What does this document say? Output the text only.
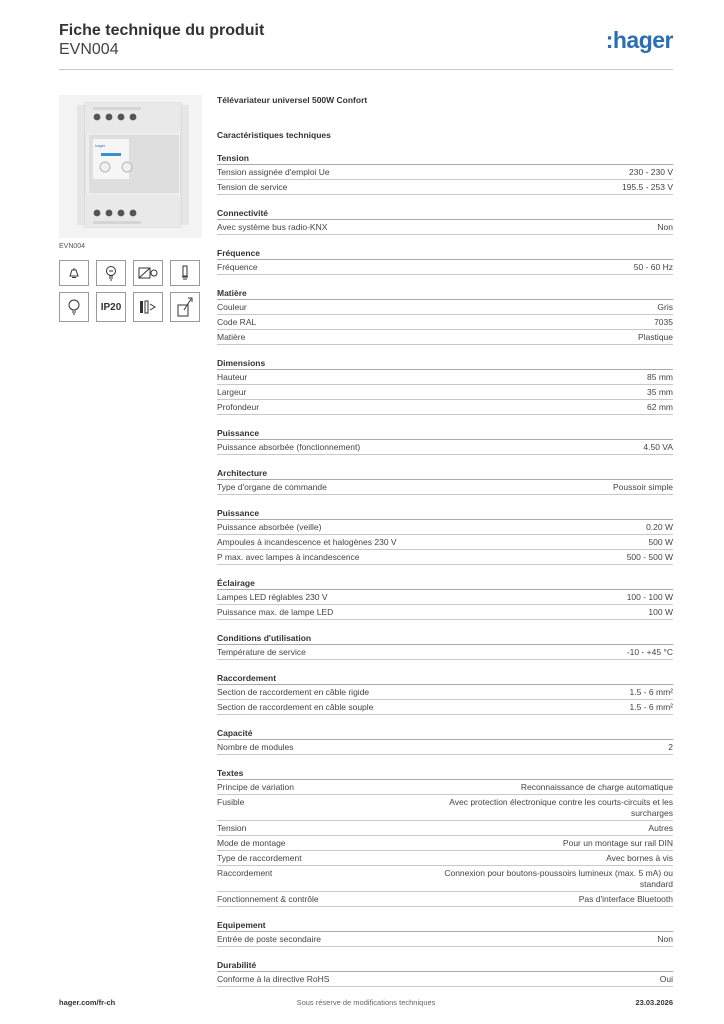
Fiche technique du produit
EVN004	:hager
hager
EVN004
IP20
Télévariateur universel 500W Confort
Caractéristiques techniques
Tension
Tension assignée d'emploi Ue	230 - 230 V
Tension de service	195.5 - 253 V
Connectivité
Avec système bus radio-KNX	Non
Fréquence
Fréquence	50 - 60 Hz
Matière
Couleur	Gris
Code RAL	7035
Matière	Plastique
Dimensions
Hauteur	85 mm
Largeur	35 mm
Profondeur	62 mm
Puissance
Puissance absorbée (fonctionnement)	4.50 VA
Architecture
Type d'organe de commande	Poussoir simple
Puissance
Puissance absorbée (veille)	0.20 W
Ampoules à incandescence et halogènes 230 V	500 W
P max. avec lampes à incandescence	500 - 500 W
Éclairage
Lampes LED réglables 230 V	100 - 100 W
Puissance max. de lampe LED	100 W
Conditions d'utilisation
Température de service	-10 - +45 °C
Raccordement
Section de raccordement en câble rigide	1.5 - 6 mm²
Section de raccordement en câble souple	1.5 - 6 mm²
Capacité
Nombre de modules	2
Textes
Principe de variation	Reconnaissance de charge automatique
Fusible	Avec protection électronique contre les courts-circuits et les surcharges
Tension	Autres
Mode de montage	Pour un montage sur rail DIN
Type de raccordement	Avec bornes à vis
Raccordement	Connexion pour boutons-poussoirs lumineux (max. 5 mA) ou standard
Fonctionnement & contrôle	Pas d'interface Bluetooth
Equipement
Entrée de poste secondaire	Non
Durabilité
Conforme à la directive RoHS	Oui
hager.com/fr-ch	Sous réserve de modifications techniques	23.03.2026
